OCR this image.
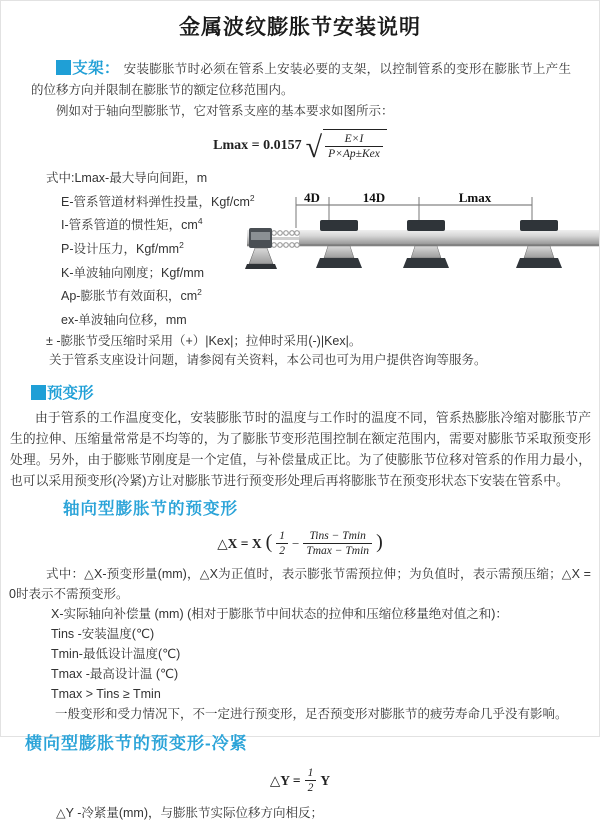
金属波纹膨胀节安装说明

支架： 安装膨胀节时必须在管系上安装必要的支架，以控制管系的变形在膨胀节上产生的位移方向并限制在膨胀节的额定位移范围内。

例如对于轴向型膨胀节，它对管系支座的基本要求如图所示：

Lmax = 0.0157 √ $\frac{E\times I}{\text{P×Ap±Kex}}$
式中:Lmax-最大导向间距，m
E-管系管道材料弹性投量，Kgf/$cm^2$
I-管系管道的惯性矩，$cm^4$
P-设计压力，Kgf/$mm^2$
K-单波轴向刚度；Kgf/mm
Ap-膨胀节有效面积，$cm^2$
ex-单波轴向位移，mm
4D	14D	Lmax

± -膨胀节受压缩时采用（+）|Kex|；拉伸时采用(-)|Kex|。

关于管系支座设计问题，请参阅有关资料，本公司也可为用户提供咨询等服务。

预变形

由于管系的工作温度变化，安装膨胀节时的温度与工作时的温度不同，管系热膨胀冷缩对膨胀节产生的拉伸、压缩量常常是不均等的，为了膨胀节变形范围控制在额定范围内，需要对膨胀节采取预变形处理。另外，由于膨账节刚度是一个定值，与补偿量成正比。为了使膨胀节位移对管系的作用力最小，也可以采用预变形(冷紧)方让对膨胀节进行预变形处理后再将膨胀节在预变形状态下安装在管系中。

轴向型膨胀节的预变形
△X = X ( $\frac{1}{2} - \frac{\text{Tins − Tmin}}{Tmax - Tmin}$ )

式中：△X-预变形量(mm)，△X为正值时，表示膨张节需预拉伸；为负值时，表示需预压缩；△X = 0时表示不需预变形。

X-实际轴向补偿量 (mm) (相对于膨胀节中间状态的拉伸和压缩位移量绝对值之和)：

Tins -安装温度(℃)

Tmin-最低设计温度(℃)

Tmax -最高设计温 (℃)

Tmax > Tins ≥ Tmin

一般变形和受力情况下，不一定进行预变形，足否预变形对膨胀节的疲劳寿命几乎没有影响。

横向型膨胀节的预变形-冷紧
△Y = $\frac{1}{2}$ Y

△Y -冷紧量(mm)，与膨胀节实际位移方向相反；
